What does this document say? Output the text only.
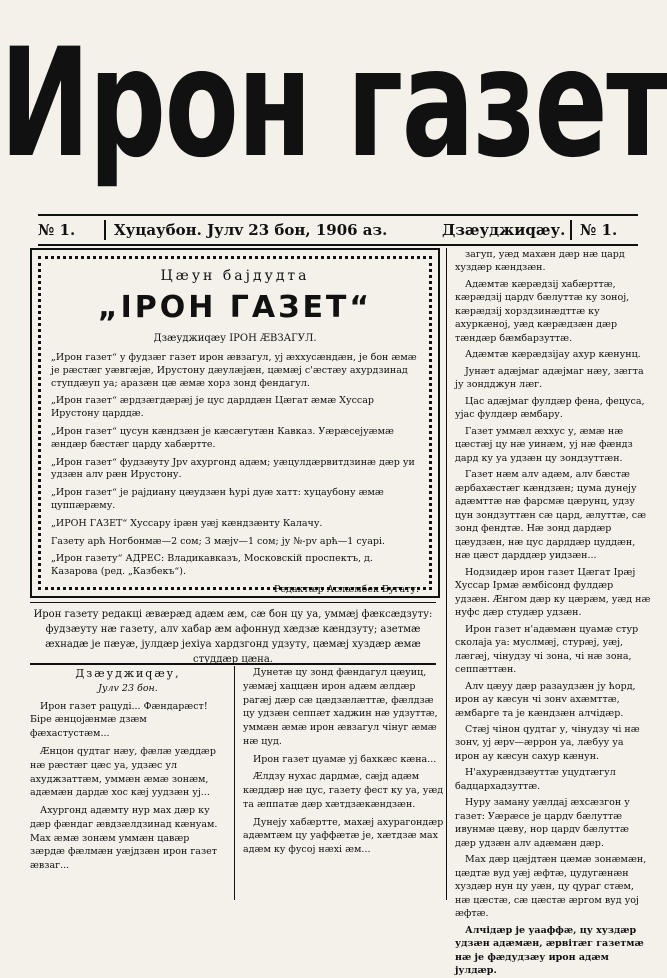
Ирон газет
№ 1.	Хуцаубон. Јулv 23 бон, 1906 аз.	Дзæуджиqæу. № 1.
Цæун бајдудта
„ІРОН ГАЗЕТ“
Дзæуджиqæу ІРОН ÆВЗАГУЛ.

„Ирон газет“ у фудзæг газет ирон æвзагул, уј æххусæндæн, је бон æмæ је рæстæг уæвгæјæ, Ирустону дæулæјæн, цæмæј с'æстæу ахурдзинад ступдæуп уа; аразæн цæ æмæ хорз зонд фендагул.

„Ирон газет“ æрдзæгдæрæј је цус дарддæн Цæгат æмæ Хуссар Ирустону царддæ.

„Ирон газет“ цусун кæндзæн је кæсæгутæн Кавказ. Уæрæсејуæмæ æндæр бæстæг царду хабæртте.

„Ирон газет“ фудзæуту Јрv ахургонд адæм; уæцулдæрвитдзинæ дæр уи удзæн алv рæн Ирустону.

„Ирон газет“ је рајдиану цæудзæн ћурі дуæ хатт: хуцаубону æмæ цуппæрæму.

„ИРОН ГАЗЕТ“ Хуссару ірæн уæј кæндзæнту Калачу.

Газету арћ Ногбонмæ—2 сом; 3 мæјv—1 сом; ју №-рv арћ—1 суарі.

„Ирон газету“ АДРЕС: Владикавказъ, Московскій проспектъ, д. Казарова (ред. „Казбекъ“).

Редактæр Аслæмбек Бугату.

Ирон газету редакці æвæрæд адæм æм, сæ бон цу уа, уммæј фæксæдзуту: фудзæуту нæ газету, алv хабар æм афоннуд хæдзæ кæндзуту; азетмæ æхнадæ је пæуæ, јулдæр јехіуа хардзгонд удзуту, цæмæј хуздæр æмæ студдæр цæна.

Дзæуджиqæу,

Јулv 23 бон.

Ирон газет рацуді... Фæндарæст! Біре æнцојæнмæ дзæм фæхастустæм...

Æнцон qудтаг нæу, фæлæ уæддæр нæ рæстæг цæс уа, удзæс ул ахуджзаттæм, уммæн æмæ зонæм, адæмæн дардæ хос кæј уудзæн уј...

Ахургонд адæмту нур мах дæр ку дæр фæндаг æвдзæлдзинад кæнуам. Мах æмæ зонæм уммæн цавæр зæрдæ фæлмæн уæјдзæн ирон газет æвзаг...

Дунетæ цу зонд фæндагул цæуиц, уæмæј хаццæн ирон адæм æлдæр рагæј дæр сæ цæдзæлæттæ, фæлдзæ цу удзæн сеппæт хаджин нæ удзуттæ, уммæн æмæ ирон æвзагул чінуг æмæ нæ цуд.

Ирон газет цуамæ уј бахкæс кæна...

Æлдзу нухас дардмæ, сæјд адæм кæддæр нæ цус, газету фест ку уа, уæд та æппатæ дæр хæтдзæкæндзæн.

Дунеју хабæртте, махæј ахурагондæр адæмтæм цу уаффæтæ је, хæтдзæ мах адæм ку фусој нæхі æм...

загуп, уæд махæн дæр нæ цард хуздæр кæндзæн.

Адæмтæ кæрæдзіј хабæрттæ, кæрæдзіј цардv бæлуттæ ку зоној, кæрæдзіј хорздзинæдттæ ку ахуркæној, уæд кæрæдзæн дæр тæндæр бæмбарзуттæ.

Адæмтæ кæрæдзіјау ахур кæнунц.

Јунæт адæјмаг адæјмаг нæу, зæгта ју зондджун лæг.

Цас адæјмаг фулдæр фена, фецуса, ујас фулдæр æмбару.

Газет уммæл æххус у, æмæ нæ цæстæј цу нæ уинæм, уј нæ фæндз дард ку уа удзæн цу зондзуттæн.

Газет нæм алv адæм, алv бæстæ æрбахæстæг кæндзæн; цума дунеју адæмттæ нæ фарсмæ цæрунц, удзу цун зондзуттæн сæ цард, æлуттæ, сæ зонд фендтæ. Нæ зонд дардæр цæудзæн, нæ цус дарддæр цуддæн, нæ цæст дарддæр уидзæн...

Нодзидæр ирон газет Цæгат Ірæј Хуссар Ірмæ æмбісонд фулдæр удзæн. Æнгом дæр ку цæрæм, уæд нæ нуфс дæр студæр удзæн.

Ирон газет н'адæмæн цуамæ стур сколаја уа: муслмæј, стурæј, уæј, лæгæј, чінудзу чі зона, чі нæ зона, сеппæттæн.

Алv цæуу дæр разаудзæн ју ћорд, ирон ау кæсун чі зонv ахæмттæ, æмбарге та је кæндзæн алчідæр.

Стæј чінон qудтаг у, чінудзу чі нæ зонv, уј æрv—æррон уа, лæбуу уа ирон ау кæсун сахур кæнун.

Н'ахурæндзæуттæ уцудтæгул бадцархадзуттæ.

Нуру заману уæлдај æхсæзгон у газет: Уæрæсе је цардv бæлуттæ ивунмæ цæву, нор цардv бæлуттæ дæр удзæн алv адæмæн дæр.

Мах дæр цæјдтæн цæмæ зонæмæн, цæдтæ вуд уæј æфтæ, цудугæнæн хуздæр нун цу уæн, цу qураг стæм, нæ цæстæ, сæ цæстæ æргом вуд уој æфтæ.

Алчідæр је уааффæ, цу хуздæр удзæн адæмæн, æрвітæг газетмæ нæ је фæдудзæу ирон адæм јулдæр.
